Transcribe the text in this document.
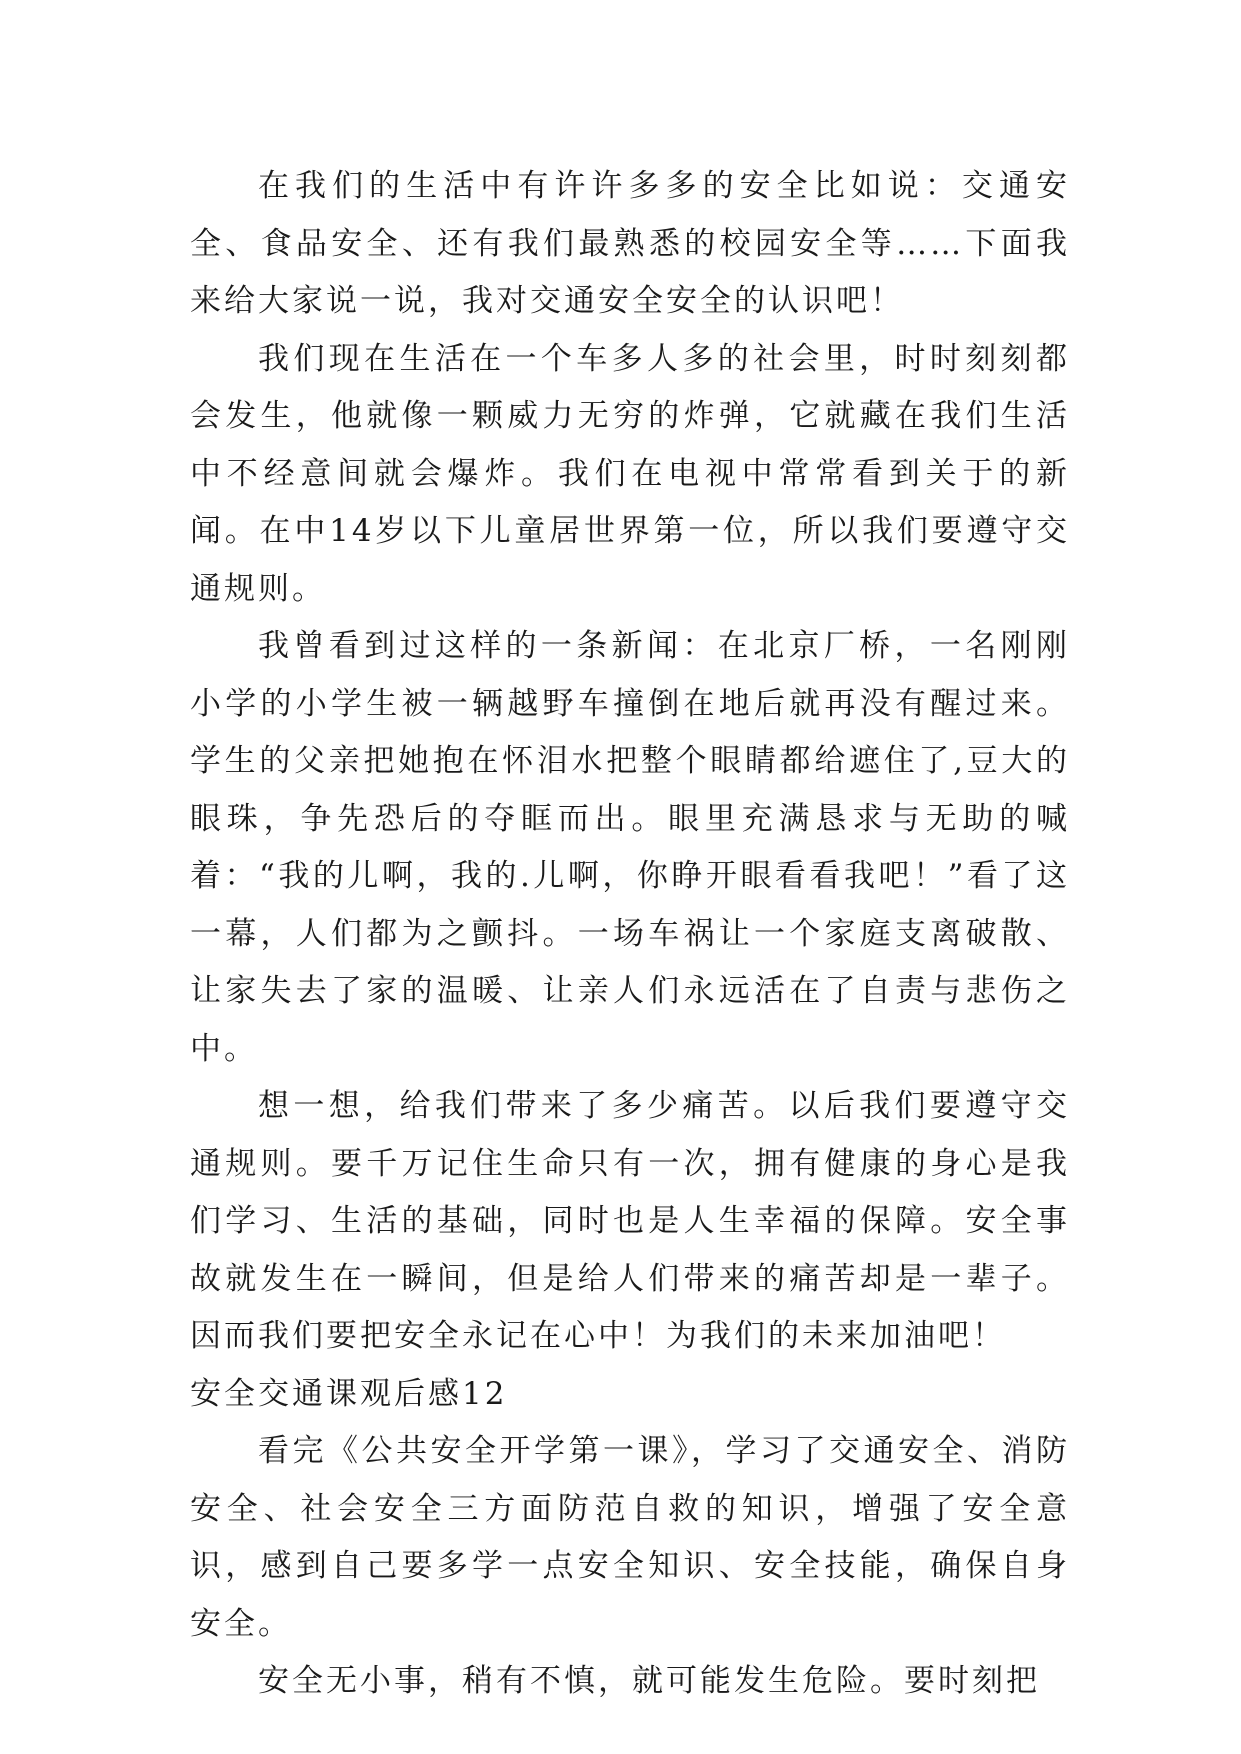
在我们的生活中有许许多多的安全比如说：交通安全、食品安全、还有我们最熟悉的校园安全等……下面我来给大家说一说，我对交通安全安全的认识吧！

我们现在生活在一个车多人多的社会里，时时刻刻都会发生，他就像一颗威力无穷的炸弹，它就藏在我们生活中不经意间就会爆炸。我们在电视中常常看到关于的新闻。在中14岁以下儿童居世界第一位，所以我们要遵守交通规则。

我曾看到过这样的一条新闻：在北京厂桥，一名刚刚小学的小学生被一辆越野车撞倒在地后就再没有醒过来。学生的父亲把她抱在怀泪水把整个眼睛都给遮住了,豆大的眼珠，争先恐后的夺眶而出。眼里充满恳求与无助的喊着：“我的儿啊，我的.儿啊，你睁开眼看看我吧！”看了这一幕，人们都为之颤抖。一场车祸让一个家庭支离破散、让家失去了家的温暖、让亲人们永远活在了自责与悲伤之中。

想一想，给我们带来了多少痛苦。以后我们要遵守交通规则。要千万记住生命只有一次，拥有健康的身心是我们学习、生活的基础，同时也是人生幸福的保障。安全事故就发生在一瞬间，但是给人们带来的痛苦却是一辈子。因而我们要把安全永记在心中！为我们的未来加油吧！

安全交通课观后感12

看完《公共安全开学第一课》，学习了交通安全、消防安全、社会安全三方面防范自救的知识，增强了安全意识，感到自己要多学一点安全知识、安全技能，确保自身安全。

安全无小事，稍有不慎，就可能发生危险。要时刻把
